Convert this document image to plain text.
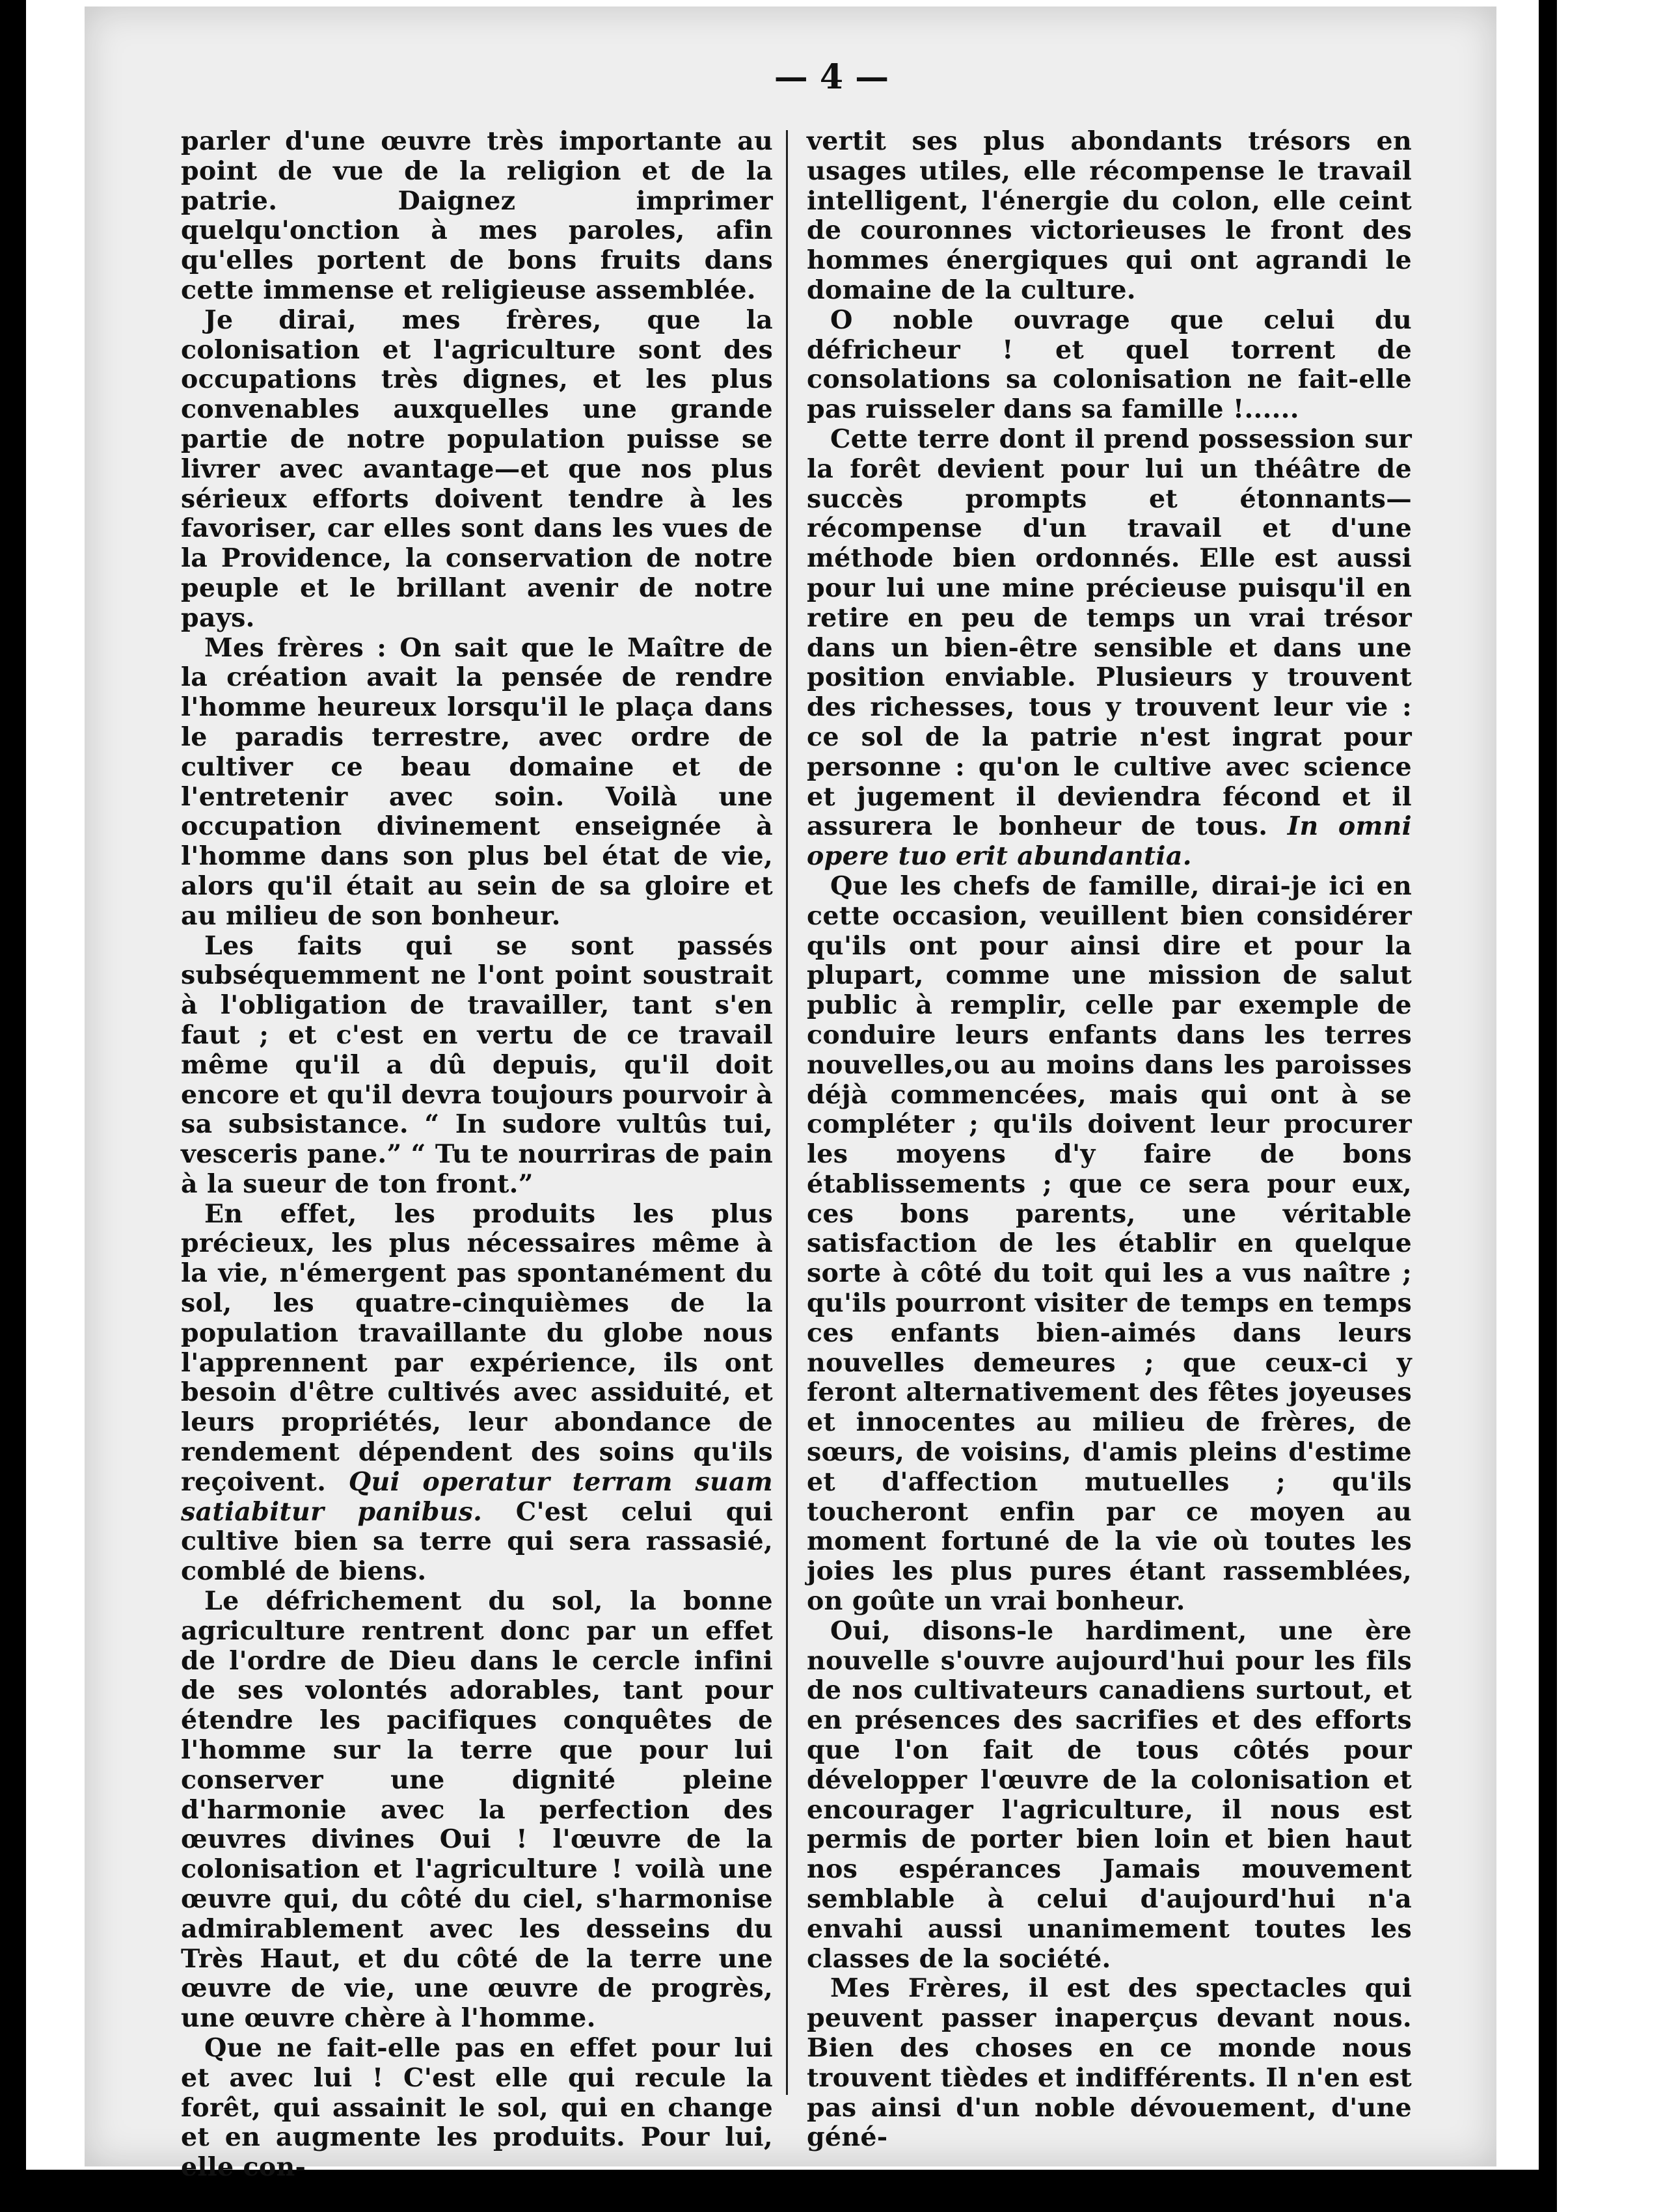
— 4 —

parler d'une œuvre très importante au point de vue de la religion et de la patrie. Daignez imprimer quelqu'onction à mes paroles, afin qu'elles portent de bons fruits dans cette immense et religieuse assemblée.

Je dirai, mes frères, que la colonisation et l'agriculture sont des occupations très dignes, et les plus convenables auxquelles une grande partie de notre population puisse se livrer avec avantage—et que nos plus sérieux efforts doivent tendre à les favoriser, car elles sont dans les vues de la Providence, la conservation de notre peuple et le brillant avenir de notre pays.

Mes frères : On sait que le Maître de la création avait la pensée de rendre l'homme heureux lorsqu'il le plaça dans le paradis terrestre, avec ordre de cultiver ce beau domaine et de l'entretenir avec soin. Voilà une occupation divinement enseignée à l'homme dans son plus bel état de vie, alors qu'il était au sein de sa gloire et au milieu de son bonheur.

Les faits qui se sont passés subséquemment ne l'ont point soustrait à l'obligation de travailler, tant s'en faut ; et c'est en vertu de ce travail même qu'il a dû depuis, qu'il doit encore et qu'il devra toujours pourvoir à sa subsistance. “ In sudore vultûs tui, vesceris pane.” “ Tu te nourriras de pain à la sueur de ton front.”

En effet, les produits les plus précieux, les plus nécessaires même à la vie, n'émergent pas spontanément du sol, les quatre-cinquièmes de la population travaillante du globe nous l'apprennent par expérience, ils ont besoin d'être cultivés avec assiduité, et leurs propriétés, leur abondance de rendement dépendent des soins qu'ils reçoivent. Qui operatur terram suam satiabitur panibus. C'est celui qui cultive bien sa terre qui sera rassasié, comblé de biens.

Le défrichement du sol, la bonne agriculture rentrent donc par un effet de l'ordre de Dieu dans le cercle infini de ses volontés adorables, tant pour étendre les pacifiques conquêtes de l'homme sur la terre que pour lui conserver une dignité pleine d'harmonie avec la perfection des œuvres divines Oui ! l'œuvre de la colonisation et l'agriculture ! voilà une œuvre qui, du côté du ciel, s'harmonise admirablement avec les desseins du Très Haut, et du côté de la terre une œuvre de vie, une œuvre de progrès, une œuvre chère à l'homme.

Que ne fait-elle pas en effet pour lui et avec lui ! C'est elle qui recule la forêt, qui assainit le sol, qui en change et en augmente les produits. Pour lui, elle con-

vertit ses plus abondants trésors en usages utiles, elle récompense le travail intelligent, l'énergie du colon, elle ceint de couronnes victorieuses le front des hommes énergiques qui ont agrandi le domaine de la culture.

O noble ouvrage que celui du défricheur ! et quel torrent de consolations sa colonisation ne fait-elle pas ruisseler dans sa famille !......

Cette terre dont il prend possession sur la forêt devient pour lui un théâtre de succès prompts et étonnants—récompense d'un travail et d'une méthode bien ordonnés. Elle est aussi pour lui une mine précieuse puisqu'il en retire en peu de temps un vrai trésor dans un bien-être sensible et dans une position enviable. Plusieurs y trouvent des richesses, tous y trouvent leur vie : ce sol de la patrie n'est ingrat pour personne : qu'on le cultive avec science et jugement il deviendra fécond et il assurera le bonheur de tous. In omni opere tuo erit abundantia.

Que les chefs de famille, dirai-je ici en cette occasion, veuillent bien considérer qu'ils ont pour ainsi dire et pour la plupart, comme une mission de salut public à remplir, celle par exemple de conduire leurs enfants dans les terres nouvelles,ou au moins dans les paroisses déjà commencées, mais qui ont à se compléter ; qu'ils doivent leur procurer les moyens d'y faire de bons établissements ; que ce sera pour eux, ces bons parents, une véritable satisfaction de les établir en quelque sorte à côté du toit qui les a vus naître ; qu'ils pourront visiter de temps en temps ces enfants bien-aimés dans leurs nouvelles demeures ; que ceux-ci y feront alternativement des fêtes joyeuses et innocentes au milieu de frères, de sœurs, de voisins, d'amis pleins d'estime et d'affection mutuelles ; qu'ils toucheront enfin par ce moyen au moment fortuné de la vie où toutes les joies les plus pures étant rassemblées, on goûte un vrai bonheur.

Oui, disons-le hardiment, une ère nouvelle s'ouvre aujourd'hui pour les fils de nos cultivateurs canadiens surtout, et en présences des sacrifies et des efforts que l'on fait de tous côtés pour développer l'œuvre de la colonisation et encourager l'agriculture, il nous est permis de porter bien loin et bien haut nos espérances Jamais mouvement semblable à celui d'aujourd'hui n'a envahi aussi unanimement toutes les classes de la société.

Mes Frères, il est des spectacles qui peuvent passer inaperçus devant nous. Bien des choses en ce monde nous trouvent tièdes et indifférents. Il n'en est pas ainsi d'un noble dévouement, d'une géné-
